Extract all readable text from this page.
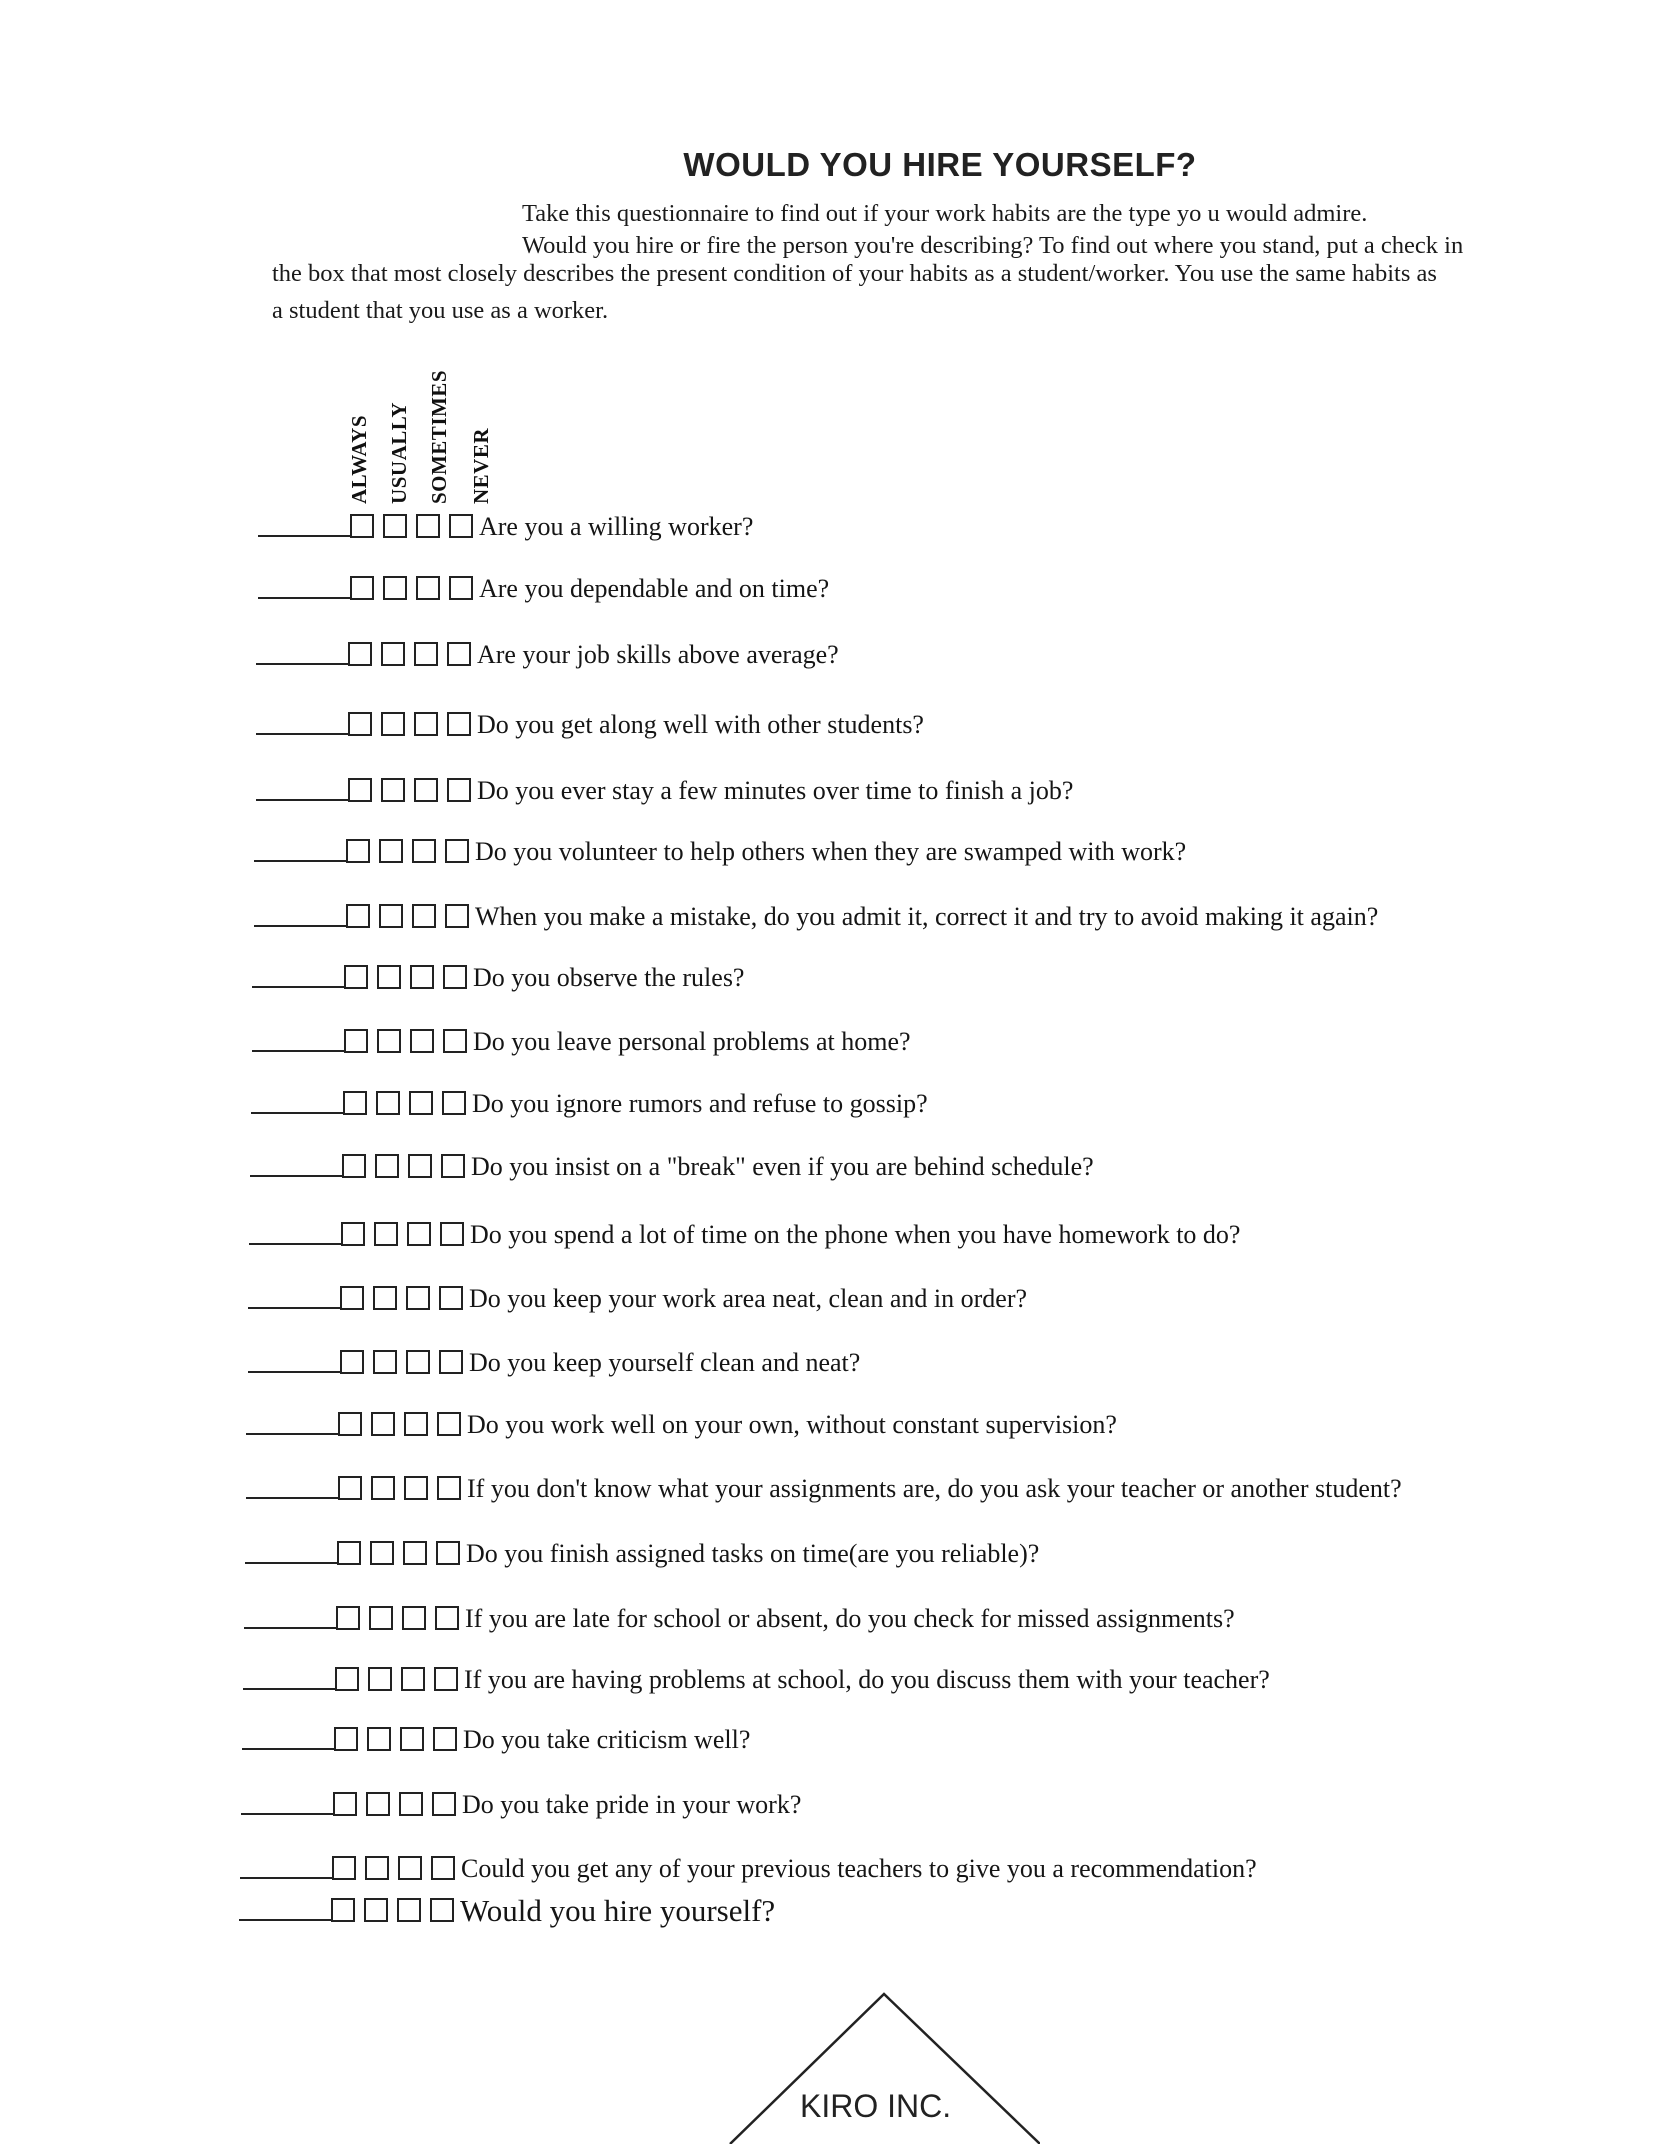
WOULD YOU HIRE YOURSELF?
Take this questionnaire to find out if your work habits are the type yo u would admire.
Would you hire or fire the person you're describing? To find out where you stand, put a check in
the box that most closely describes the present condition of your habits as a student/worker. You use the same habits as
a student that you use as a worker.
ALWAYS USUALLY SOMETIMES NEVER
Are you a willing worker?
Are you dependable and on time?
Are your job skills above average?
Do you get along well with other students?
Do you ever stay a few minutes over time to finish a job?
Do you volunteer to help others when they are swamped with work?
When you make a mistake, do you admit it, correct it and try to avoid making it again?
Do you observe the rules?
Do you leave personal problems at home?
Do you ignore rumors and refuse to gossip?
Do you insist on a "break" even if you are behind schedule?
Do you spend a lot of time on the phone when you have homework to do?
Do you keep your work area neat, clean and in order?
Do you keep yourself clean and neat?
Do you work well on your own, without constant supervision?
If you don't know what your assignments are, do you ask your teacher or another student?
Do you finish assigned tasks on time(are you reliable)?
If you are late for school or absent, do you check for missed assignments?
If you are having problems at school, do you discuss them with your teacher?
Do you take criticism well?
Do you take pride in your work?
Could you get any of your previous teachers to give you a recommendation?
Would you hire yourself?
KIRO INC.
